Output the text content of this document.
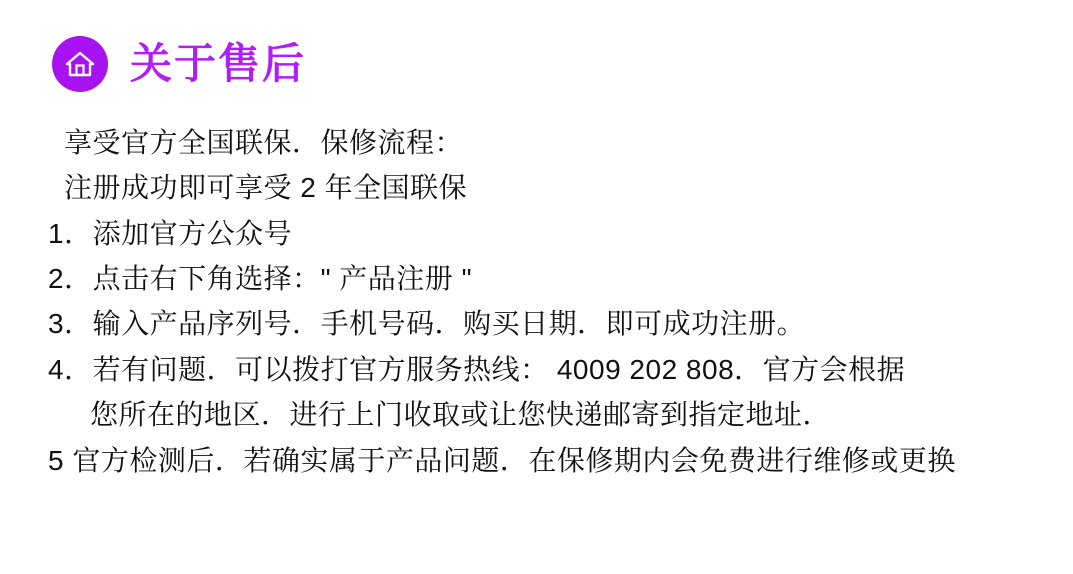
关于售后
享受官方全国联保．保修流程：
注册成功即可享受 2 年全国联保
1．添加官方公众号
2．点击右下角选择：" 产品注册 "
3．输入产品序列号．手机号码．购买日期．即可成功注册。
4．若有问题．可以拨打官方服务热线： 4009 202 808．官方会根据
您所在的地区．进行上门收取或让您快递邮寄到指定地址．
5 官方检测后．若确实属于产品问题．在保修期内会免费进行维修或更换
